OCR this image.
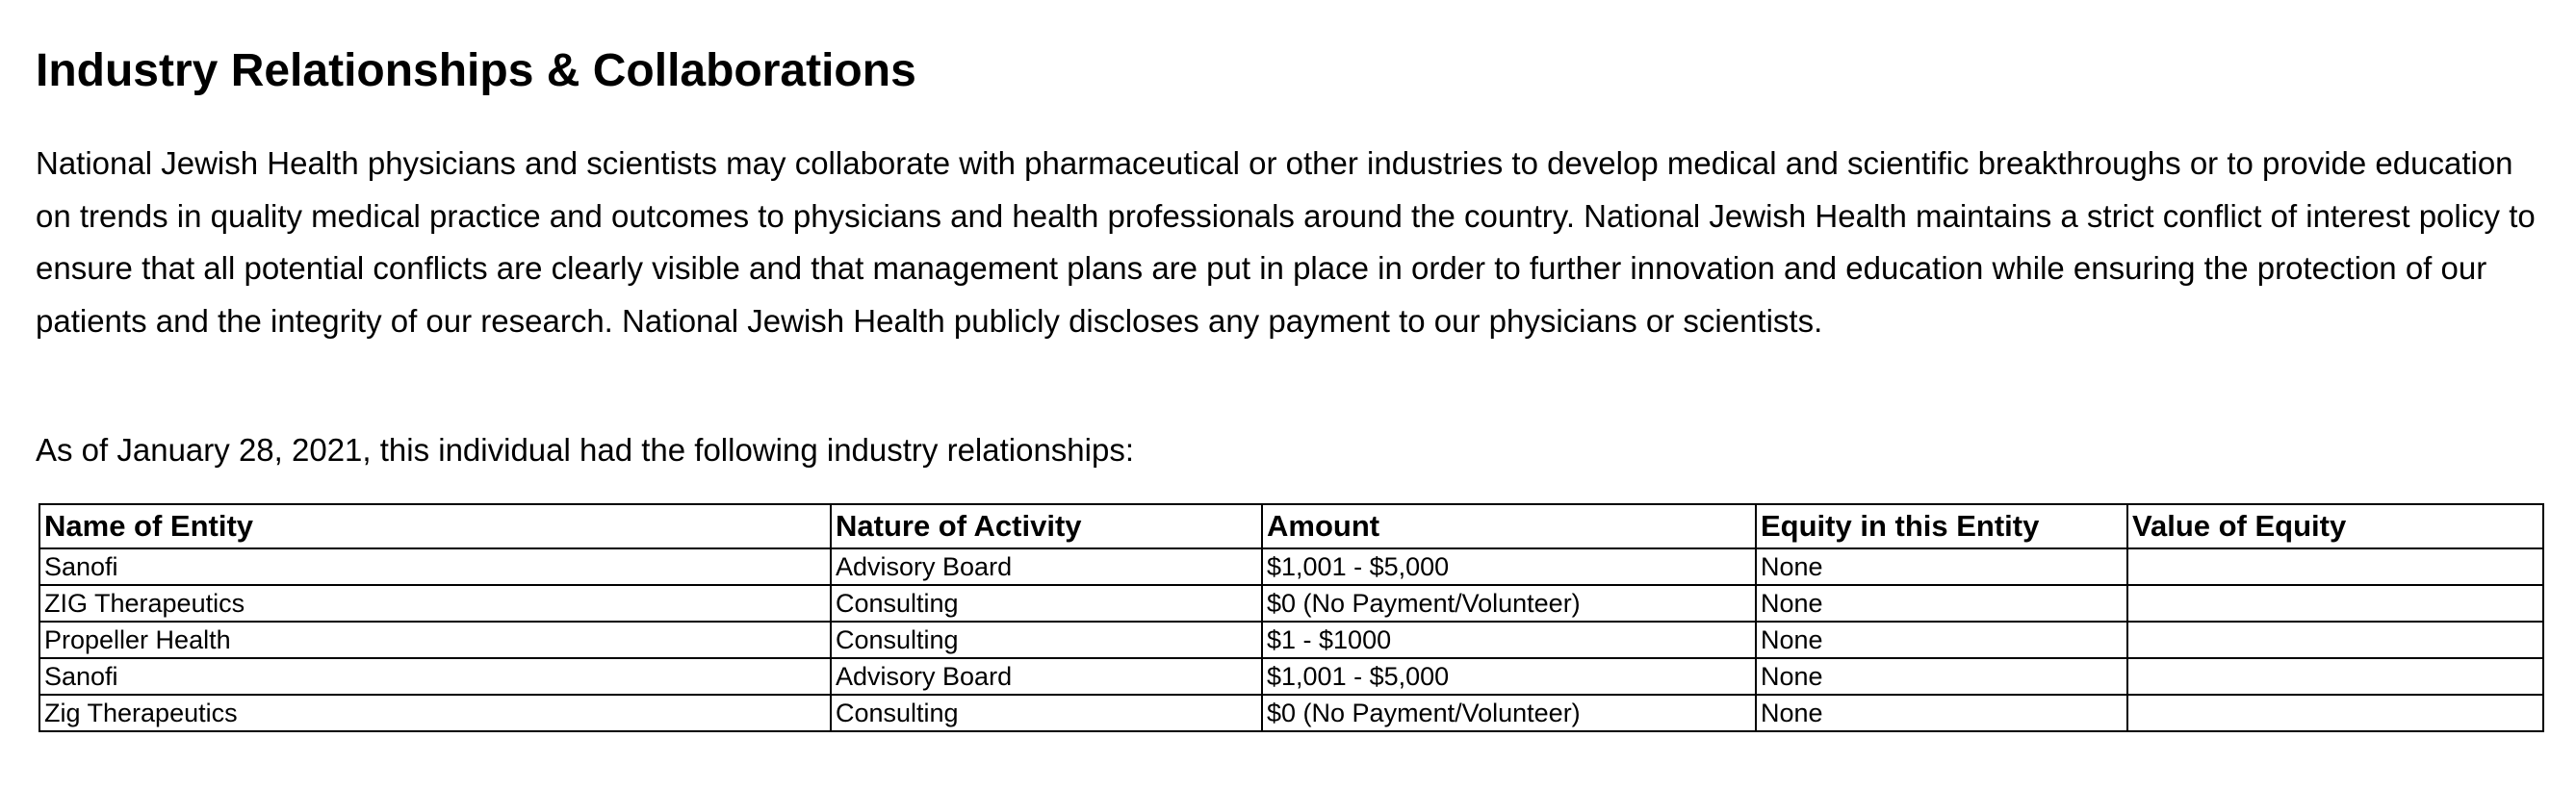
Industry Relationships & Collaborations

National Jewish Health physicians and scientists may collaborate with pharmaceutical or other industries to develop medical and scientific breakthroughs or to provide education on trends in quality medical practice and outcomes to physicians and health professionals around the country. National Jewish Health maintains a strict conflict of interest policy to ensure that all potential conflicts are clearly visible and that management plans are put in place in order to further innovation and education while ensuring the protection of our patients and the integrity of our research. National Jewish Health publicly discloses any payment to our physicians or scientists.

As of January 28, 2021, this individual had the following industry relationships:

Name of Entity	Nature of Activity	Amount	Equity in this Entity	Value of Equity
Sanofi	Advisory Board	$1,001 - $5,000	None	
ZIG Therapeutics	Consulting	$0 (No Payment/Volunteer)	None	
Propeller Health	Consulting	$1 - $1000	None	
Sanofi	Advisory Board	$1,001 - $5,000	None	
Zig Therapeutics	Consulting	$0 (No Payment/Volunteer)	None	
